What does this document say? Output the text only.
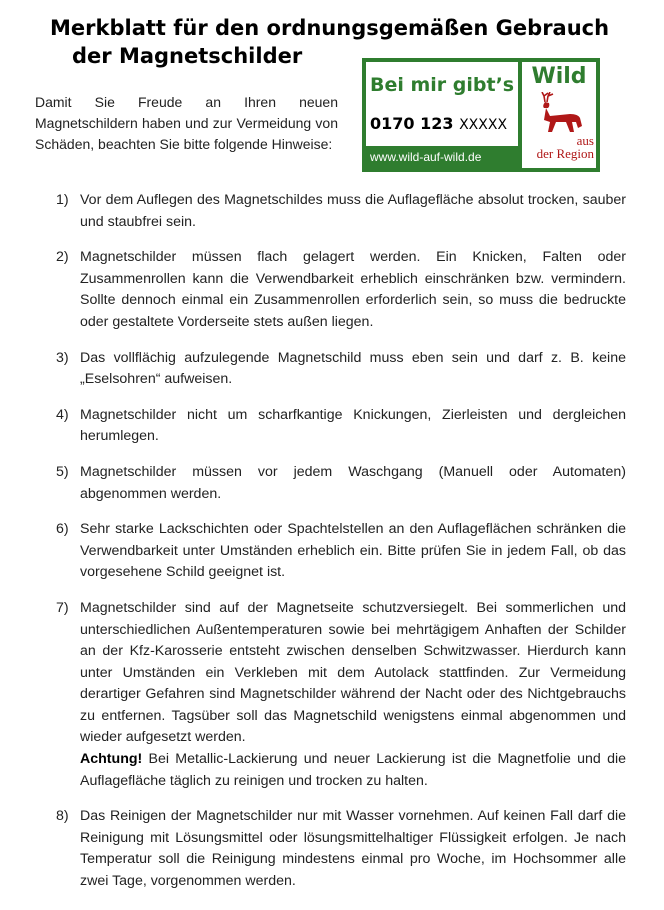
Merkblatt für den ordnungsgemäßen Gebrauch
der Magnetschilder
Damit Sie Freude an Ihren neuen Magnetschildern haben und zur Vermeidung von Schäden, beachten Sie bitte folgende Hinweise:
Bei mir gibt’s
0170 123 XXXXX
Wild
aus
der Region
www.wild-auf-wild.de
1) Vor dem Auflegen des Magnetschildes muss die Auflagefläche absolut trocken, sauber und staubfrei sein.
2) Magnetschilder müssen flach gelagert werden. Ein Knicken, Falten oder Zusammenrollen kann die Verwendbarkeit erheblich einschränken bzw. vermindern. Sollte dennoch einmal ein Zusammenrollen erforderlich sein, so muss die bedruckte oder gestaltete Vorderseite stets außen liegen.
3) Das vollflächig aufzulegende Magnetschild muss eben sein und darf z. B. keine „Eselsohren“ aufweisen.
4) Magnetschilder nicht um scharfkantige Knickungen, Zierleisten und dergleichen herumlegen.
5) Magnetschilder müssen vor jedem Waschgang (Manuell oder Automaten) abgenommen werden.
6) Sehr starke Lackschichten oder Spachtelstellen an den Auflageflächen schränken die Verwendbarkeit unter Umständen erheblich ein. Bitte prüfen Sie in jedem Fall, ob das vorgesehene Schild geeignet ist.
7) Magnetschilder sind auf der Magnetseite schutzversiegelt. Bei sommerlichen und unterschiedlichen Außentemperaturen sowie bei mehrtägigem Anhaften der Schilder an der Kfz-Karosserie entsteht zwischen denselben Schwitzwasser. Hierdurch kann unter Umständen ein Verkleben mit dem Autolack stattfinden. Zur Vermeidung derartiger Gefahren sind Magnetschilder während der Nacht oder des Nichtgebrauchs zu entfernen. Tagsüber soll das Magnetschild wenigstens einmal abgenommen und wieder aufgesetzt werden.
Achtung! Bei Metallic-Lackierung und neuer Lackierung ist die Magnetfolie und die Auflagefläche täglich zu reinigen und trocken zu halten.
8) Das Reinigen der Magnetschilder nur mit Wasser vornehmen. Auf keinen Fall darf die Reinigung mit Lösungsmittel oder lösungsmittelhaltiger Flüssigkeit erfolgen. Je nach Temperatur soll die Reinigung mindestens einmal pro Woche, im Hochsommer alle zwei Tage, vorgenommen werden.
